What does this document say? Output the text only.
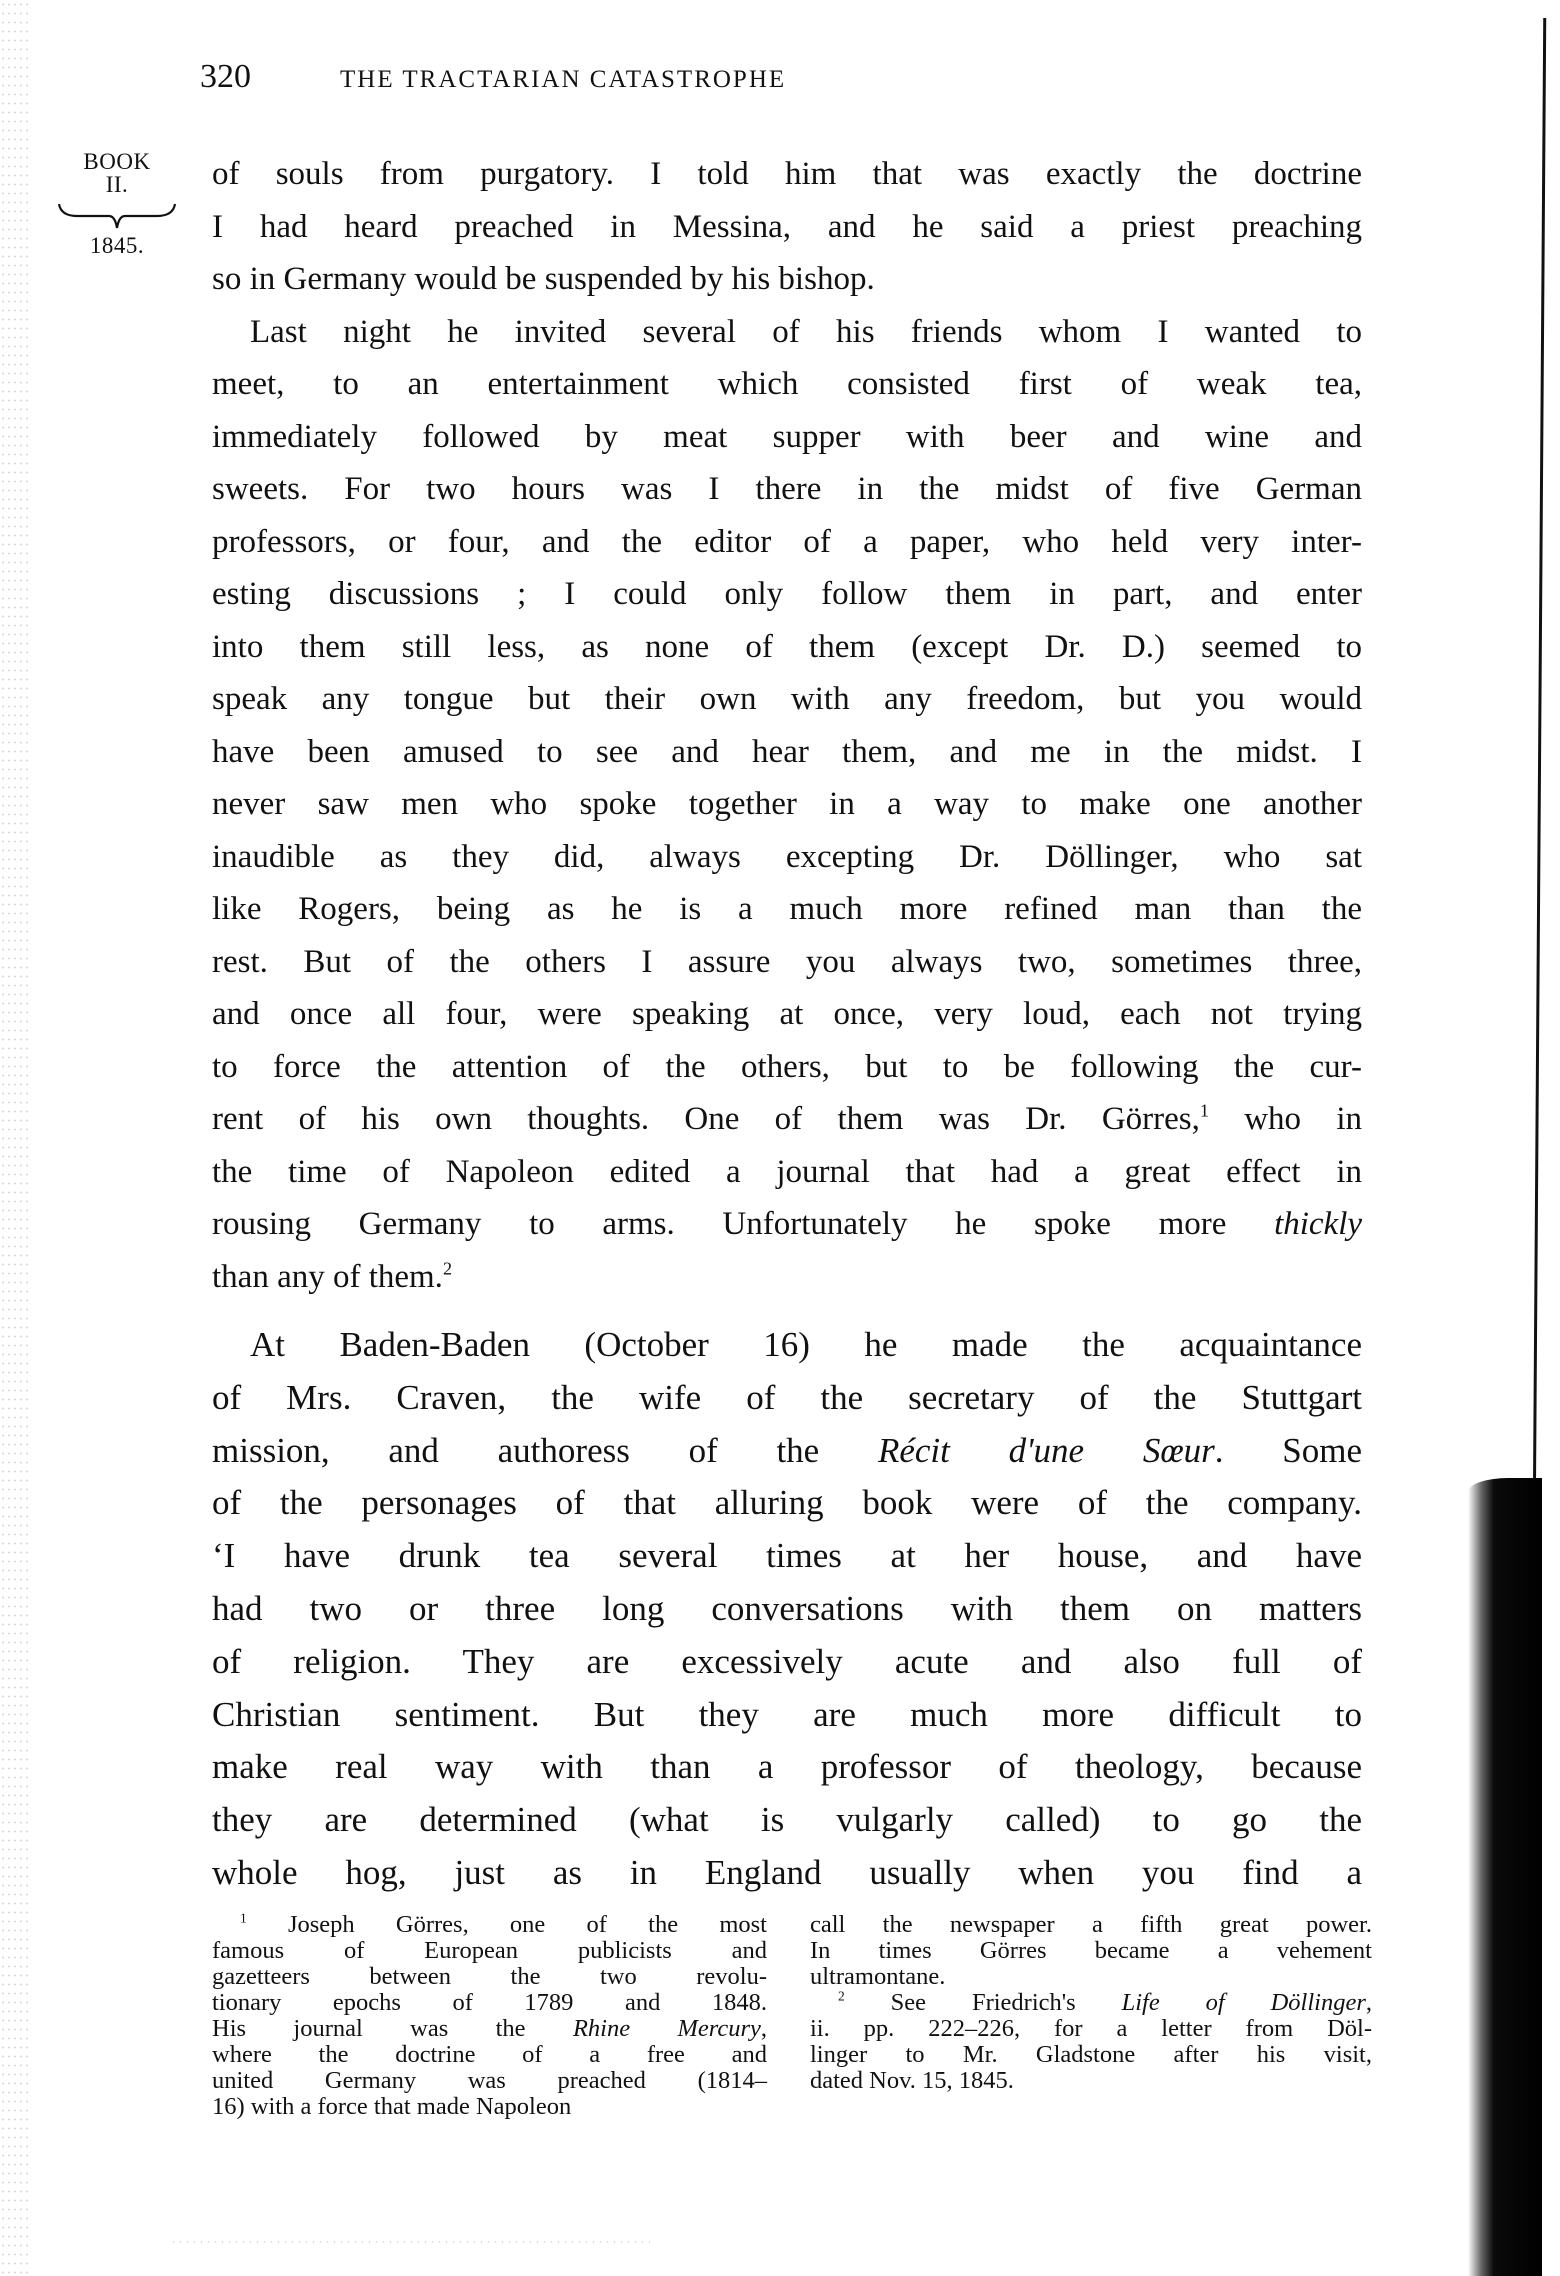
320	THE TRACTARIAN CATASTROPHE
BOOK
II.
1845.

of souls from purgatory. I told him that was exactly the doctrine
I had heard preached in Messina, and he said a priest preaching
so in Germany would be suspended by his bishop.

Last night he invited several of his friends whom I wanted to
meet, to an entertainment which consisted first of weak tea,
immediately followed by meat supper with beer and wine and
sweets. For two hours was I there in the midst of five German
professors, or four, and the editor of a paper, who held very inter-
esting discussions ; I could only follow them in part, and enter
into them still less, as none of them (except Dr. D.) seemed to
speak any tongue but their own with any freedom, but you would
have been amused to see and hear them, and me in the midst. I
never saw men who spoke together in a way to make one another
inaudible as they did, always excepting Dr. Döllinger, who sat
like Rogers, being as he is a much more refined man than the
rest. But of the others I assure you always two, sometimes three,
and once all four, were speaking at once, very loud, each not trying
to force the attention of the others, but to be following the cur-
rent of his own thoughts. One of them was Dr. Görres,$^1$ who in
the time of Napoleon edited a journal that had a great effect in
rousing Germany to arms. Unfortunately he spoke more thickly
than any of them.$^2$

At Baden-Baden (October 16) he made the acquaintance
of Mrs. Craven, the wife of the secretary of the Stuttgart
mission, and authoress of the Récit d'une Sœur. Some
of the personages of that alluring book were of the company.
‘I have drunk tea several times at her house, and have
had two or three long conversations with them on matters
of religion. They are excessively acute and also full of
Christian sentiment. But they are much more difficult to
make real way with than a professor of theology, because
they are determined (what is vulgarly called) to go the
whole hog, just as in England usually when you find a

$^1$ Joseph Görres, one of the most
famous of European publicists and
gazetteers between the two revolu-
tionary epochs of 1789 and 1848.
His journal was the Rhine Mercury,
where the doctrine of a free and
united Germany was preached (1814–
16) with a force that made Napoleon
call the newspaper a fifth great power.
In times Görres became a vehement
ultramontane.
$^2$ See Friedrich's Life of Döllinger,
ii. pp. 222–226, for a letter from Döl-
linger to Mr. Gladstone after his visit,
dated Nov. 15, 1845.
